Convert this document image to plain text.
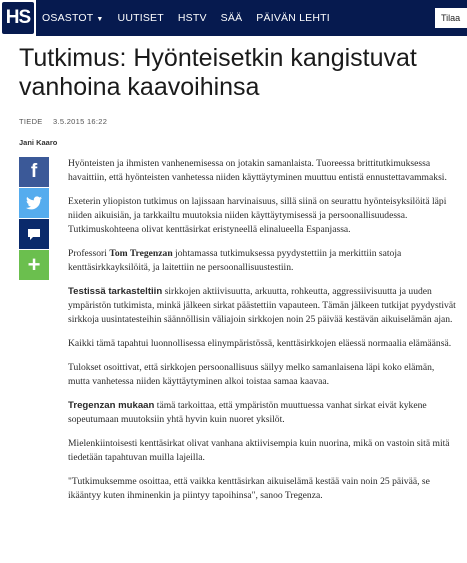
HS	OSASTOT ▼ UUTISET HSTV SÄÄ PÄIVÄN LEHTI	Tilaa
Tutkimus: Hyönteisetkin kangistuvat vanhoina kaavoihinsa
TIEDE 3.5.2015 16:22
Jani Kaaro
f
+

Hyönteisten ja ihmisten vanhenemisessa on jotakin samanlaista. Tuoreessa brittitutkimuksessa havaittiin, että hyönteisten vanhetessa niiden käyttäytyminen muuttuu entistä ennustettavammaksi.

Exeterin yliopiston tutkimus on lajissaan harvinaisuus, sillä siinä on seurattu hyönteisyksilöitä läpi niiden aikuisiän, ja tarkkailtu muutoksia niiden käyttäytymisessä ja persoonallisuudessa. Tutkimuskohteena olivat kenttäsirkat eristyneellä elinalueella Espanjassa.

Professori Tom Tregenzan johtamassa tutkimuksessa pyydystettiin ja merkittiin satoja kenttäsirkkayksilöitä, ja laitettiin ne persoonallisuustestiin.

Testissä tarkasteltiin sirkkojen aktiivisuutta, arkuutta, rohkeutta, aggressiivisuutta ja uuden ympäristön tutkimista, minkä jälkeen sirkat päästettiin vapauteen. Tämän jälkeen tutkijat pyydystivät sirkkoja uusintatesteihin säännöllisin väliajoin sirkkojen noin 25 päivää kestävän aikuiselämän ajan.

Kaikki tämä tapahtui luonnollisessa elinympäristössä, kenttäsirkkojen eläessä normaalia elämäänsä.

Tulokset osoittivat, että sirkkojen persoonallisuus säilyy melko samanlaisena läpi koko elämän, mutta vanhetessa niiden käyttäytyminen alkoi toistaa samaa kaavaa.

Tregenzan mukaan tämä tarkoittaa, että ympäristön muuttuessa vanhat sirkat eivät kykene sopeutumaan muutoksiin yhtä hyvin kuin nuoret yksilöt.

Mielenkiintoisesti kenttäsirkat olivat vanhana aktiivisempia kuin nuorina, mikä on vastoin sitä mitä tiedetään tapahtuvan muilla lajeilla.

"Tutkimuksemme osoittaa, että vaikka kenttäsirkan aikuiselämä kestää vain noin 25 päivää, se ikääntyy kuten ihminenkin ja piintyy tapoihinsa", sanoo Tregenza.
